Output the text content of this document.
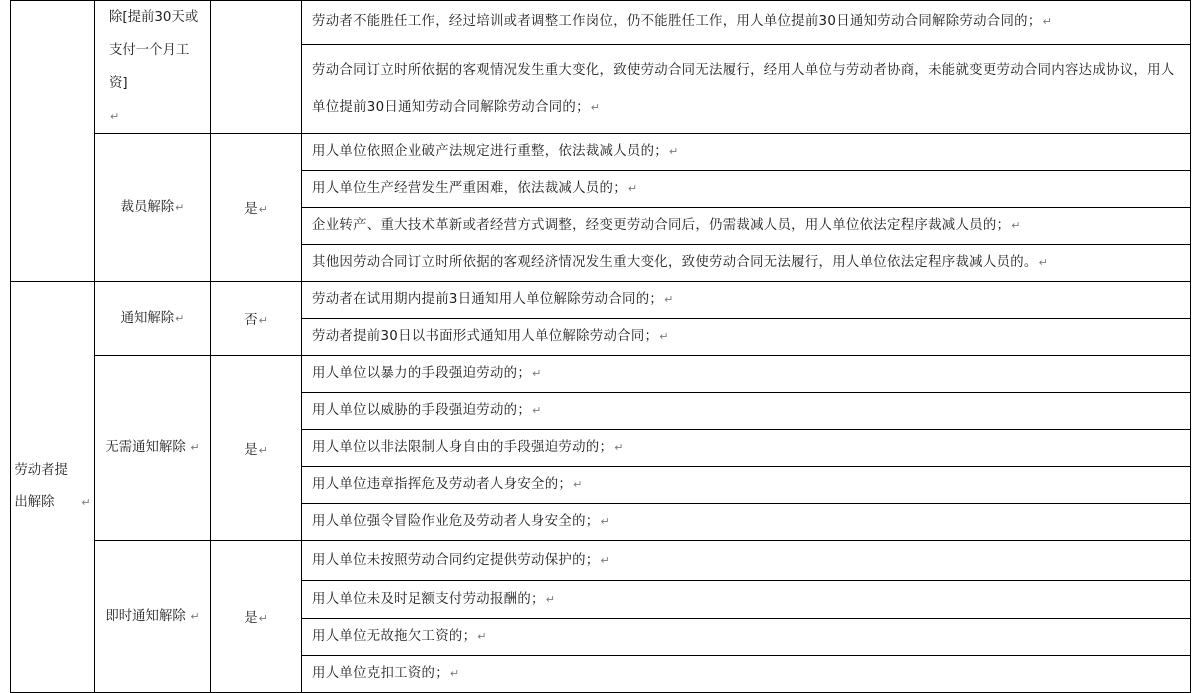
	除[提前30天或支付一个月工资]↵		劳动者不能胜任工作，经过培训或者调整工作岗位，仍不能胜任工作，用人单位提前30日通知劳动合同解除劳动合同的；↵

			劳动合同订立时所依据的客观情况发生重大变化，致使劳动合同无法履行，经用人单位与劳动者协商，未能就变更劳动合同内容达成协议，用人单位提前30日通知劳动合同解除劳动合同的；↵

	裁员解除↵	是↵	用人单位依照企业破产法规定进行重整，依法裁减人员的；↵
			用人单位生产经营发生严重困难，依法裁减人员的；↵
			企业转产、重大技术革新或者经营方式调整，经变更劳动合同后，仍需裁减人员，用人单位依法定程序裁减人员的；↵
			其他因劳动合同订立时所依据的客观经济情况发生重大变化，致使劳动合同无法履行，用人单位依法定程序裁减人员的。↵
劳动者提出解除 ↵	通知解除↵	否↵	劳动者在试用期内提前3日通知用人单位解除劳动合同的；↵
			劳动者提前30日以书面形式通知用人单位解除劳动合同；↵
	无需通知解除 ↵	是↵	用人单位以暴力的手段强迫劳动的；↵
			用人单位以威胁的手段强迫劳动的；↵
			用人单位以非法限制人身自由的手段强迫劳动的；↵
			用人单位违章指挥危及劳动者人身安全的；↵
			用人单位强令冒险作业危及劳动者人身安全的；↵
	即时通知解除 ↵	是↵	用人单位未按照劳动合同约定提供劳动保护的；↵
			用人单位未及时足额支付劳动报酬的；↵
			用人单位无故拖欠工资的；↵
			用人单位克扣工资的；↵
